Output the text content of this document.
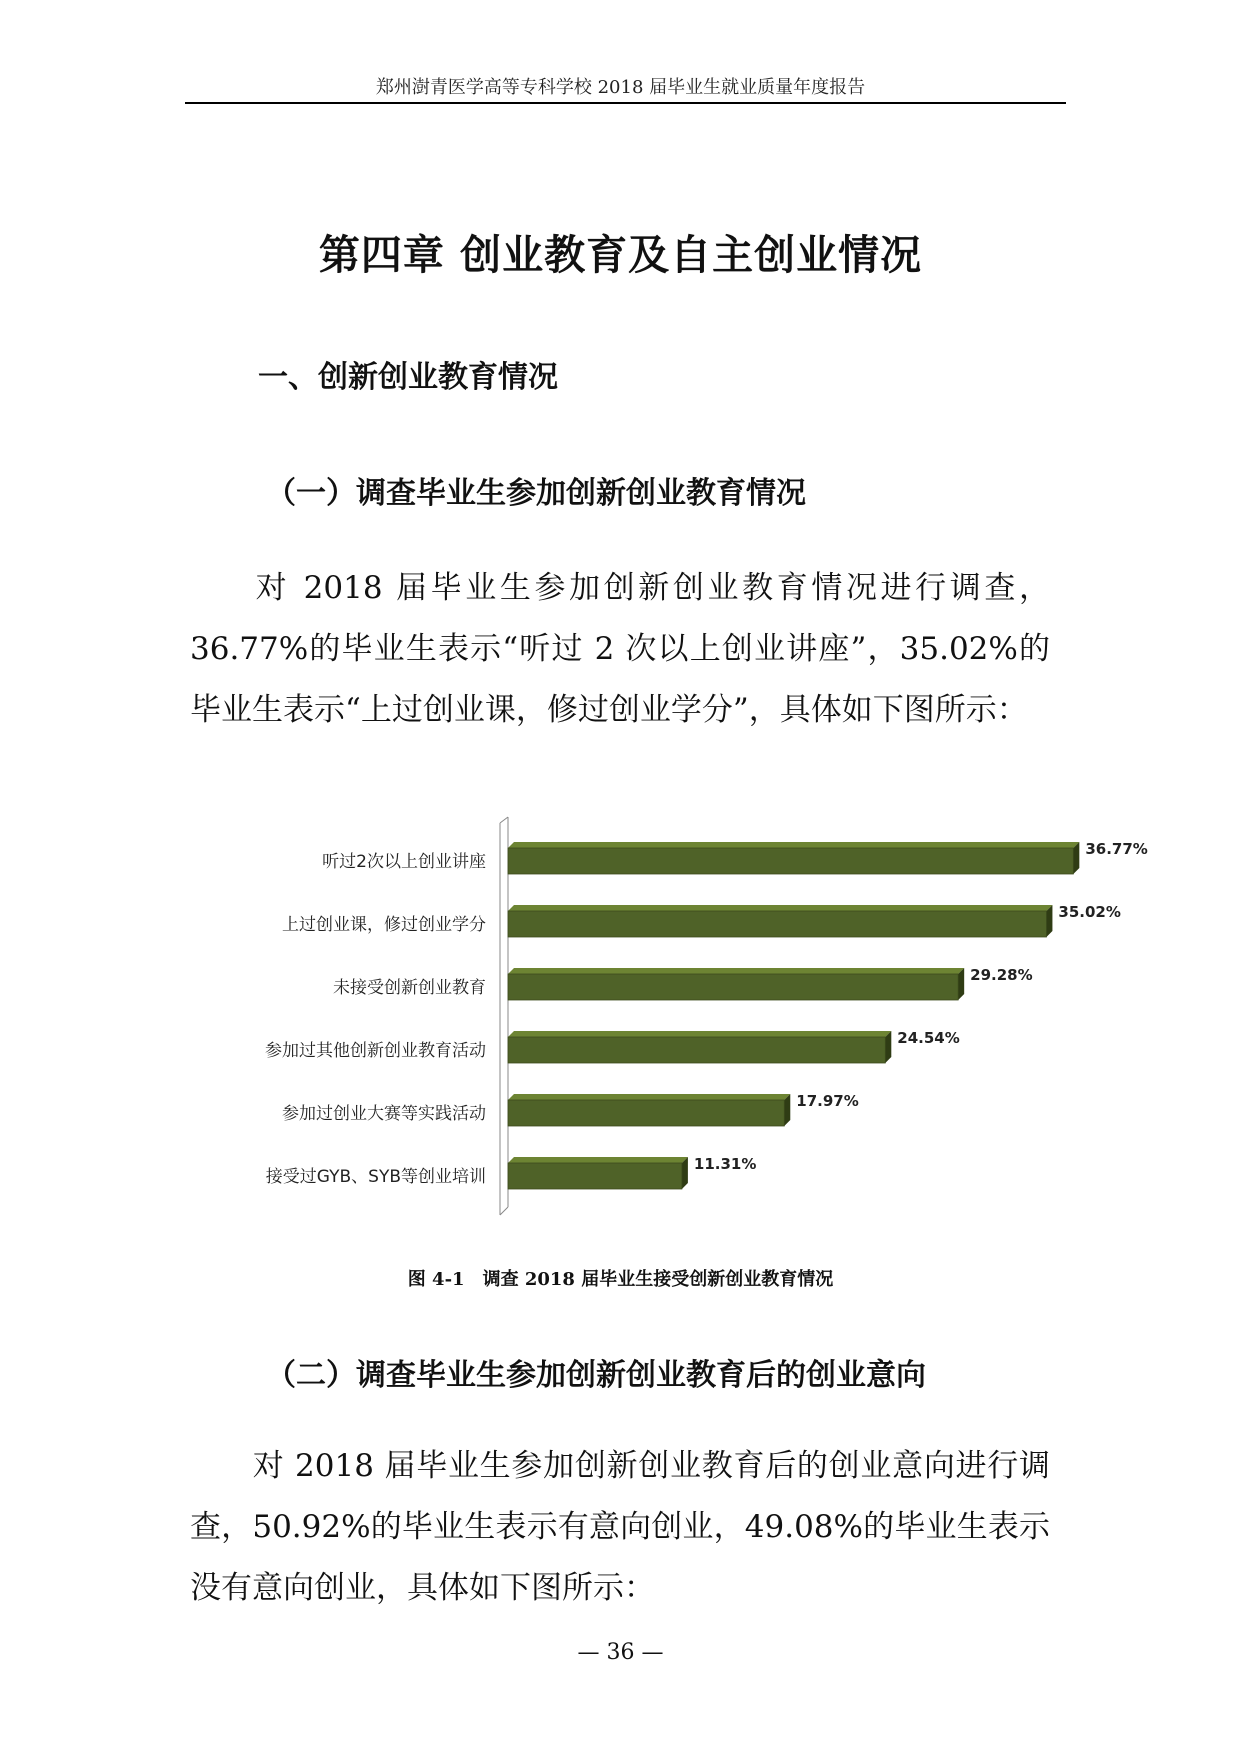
郑州澍青医学高等专科学校 2018 届毕业生就业质量年度报告
第四章 创业教育及自主创业情况
一、创新创业教育情况
（一）调查毕业生参加创新创业教育情况

对 2018 届毕业生参加创新创业教育情况进行调查，36.77%的毕业生表示“听过 2 次以上创业讲座”，35.02%的毕业生表示“上过创业课，修过创业学分”，具体如下图所示：

听过2次以上创业讲座
36.77%
上过创业课，修过创业学分
35.02%
未接受创新创业教育
29.28%
参加过其他创新创业教育活动
24.54%
参加过创业大赛等实践活动
17.97%
接受过GYB、SYB等创业培训
11.31%
图 4-1　调查 2018 届毕业生接受创新创业教育情况
（二）调查毕业生参加创新创业教育后的创业意向

对 2018 届毕业生参加创新创业教育后的创业意向进行调查，50.92%的毕业生表示有意向创业，49.08%的毕业生表示没有意向创业，具体如下图所示：

— 36 —
